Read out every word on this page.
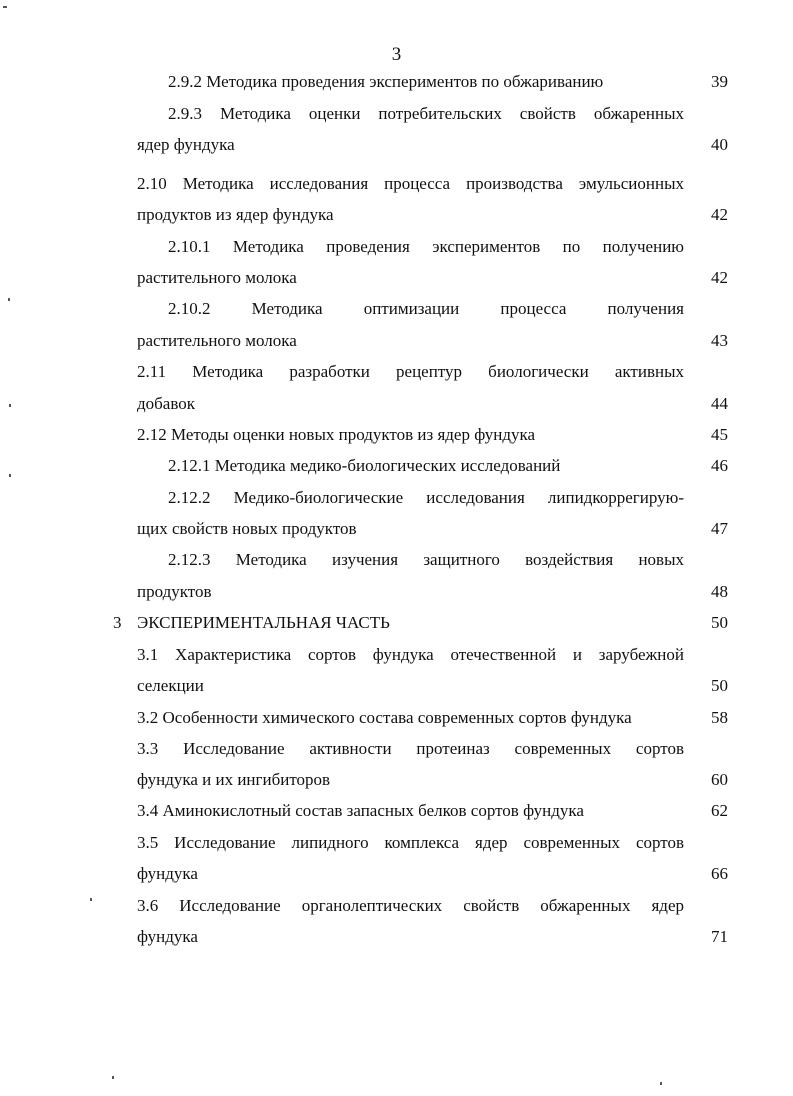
3
2.9.2 Методика проведения экспериментов по обжариванию	39
2.9.3 Методика оценки потребительских свойств обжаренных
ядер фундука	40
2.10 Методика исследования процесса производства эмульсионных
продуктов из ядер фундука	42
2.10.1 Методика проведения экспериментов по получению
растительного молока	42
2.10.2 Методика оптимизации процесса получения
растительного молока	43
2.11 Методика разработки рецептур биологически активных
добавок	44
2.12 Методы оценки новых продуктов из ядер фундука	45
2.12.1 Методика медико-биологических исследований	46
2.12.2 Медико-биологические исследования липидкоррегирую-
щих свойств новых продуктов	47
2.12.3 Методика изучения защитного воздействия новых
продуктов	48
3 ЭКСПЕРИМЕНТАЛЬНАЯ ЧАСТЬ	50
3.1 Характеристика сортов фундука отечественной и зарубежной
селекции	50
3.2 Особенности химического состава современных сортов фундука	58
3.3 Исследование активности протеиназ современных сортов
фундука и их ингибиторов	60
3.4 Аминокислотный состав запасных белков сортов фундука	62
3.5 Исследование липидного комплекса ядер современных сортов
фундука	66
3.6 Исследование органолептических свойств обжаренных ядер
фундука	71
